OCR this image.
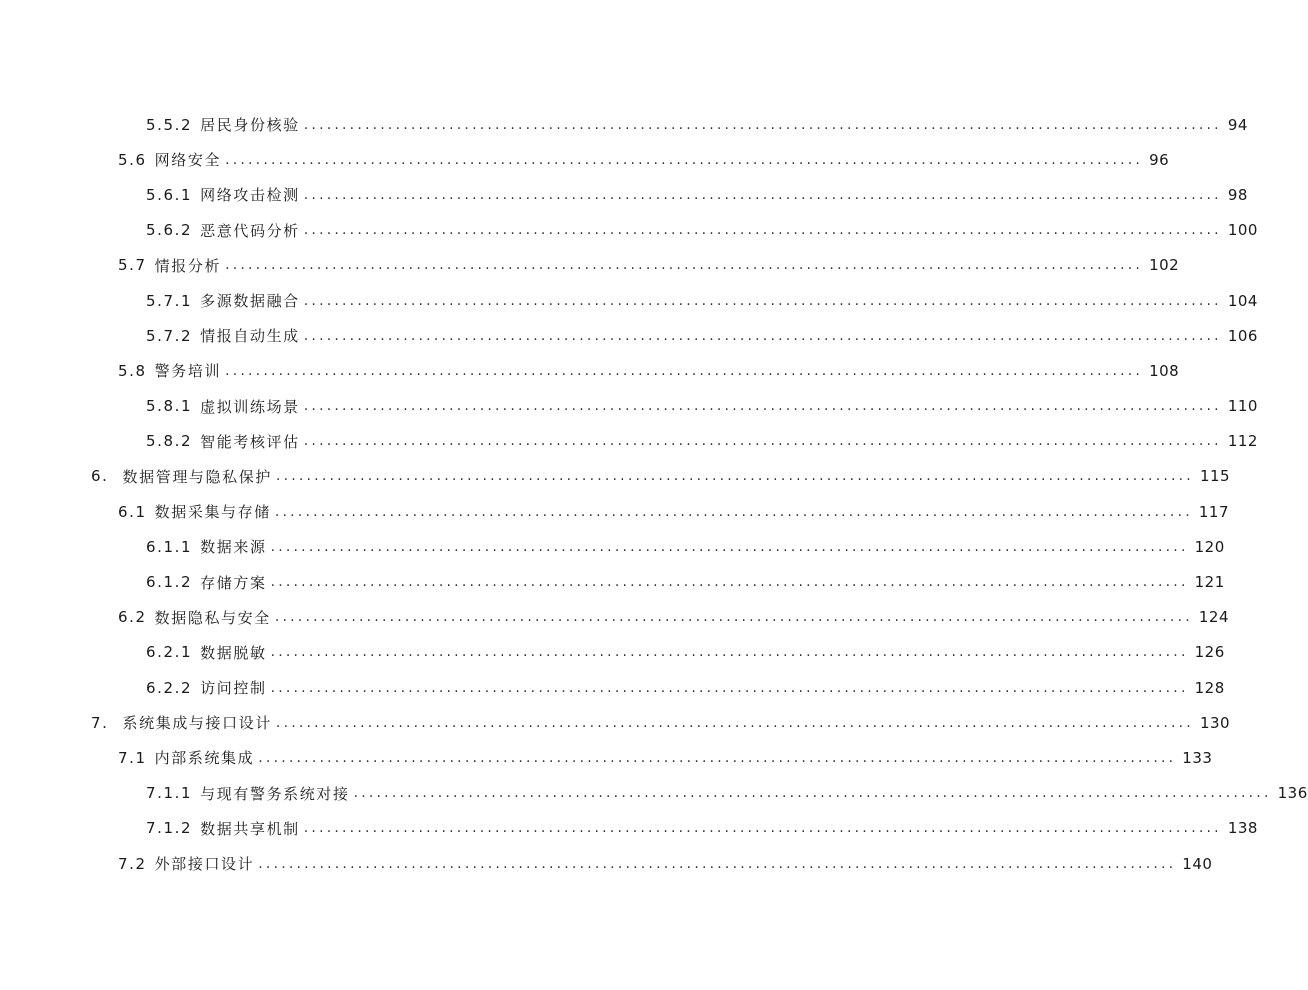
5.5.2 居民身份核验 ........................................................................................................................ 94
5.6 网络安全 ........................................................................................................................ 96
5.6.1 网络攻击检测 ........................................................................................................................ 98
5.6.2 恶意代码分析 ........................................................................................................................ 100
5.7 情报分析 ........................................................................................................................ 102
5.7.1 多源数据融合 ........................................................................................................................ 104
5.7.2 情报自动生成 ........................................................................................................................ 106
5.8 警务培训 ........................................................................................................................ 108
5.8.1 虚拟训练场景 ........................................................................................................................ 110
5.8.2 智能考核评估 ........................................................................................................................ 112
6. 数据管理与隐私保护 ........................................................................................................................ 115
6.1 数据采集与存储 ........................................................................................................................ 117
6.1.1 数据来源 ........................................................................................................................ 120
6.1.2 存储方案 ........................................................................................................................ 121
6.2 数据隐私与安全 ........................................................................................................................ 124
6.2.1 数据脱敏 ........................................................................................................................ 126
6.2.2 访问控制 ........................................................................................................................ 128
7. 系统集成与接口设计 ........................................................................................................................ 130
7.1 内部系统集成 ........................................................................................................................ 133
7.1.1 与现有警务系统对接 ........................................................................................................................ 136
7.1.2 数据共享机制 ........................................................................................................................ 138
7.2 外部接口设计 ........................................................................................................................ 140
